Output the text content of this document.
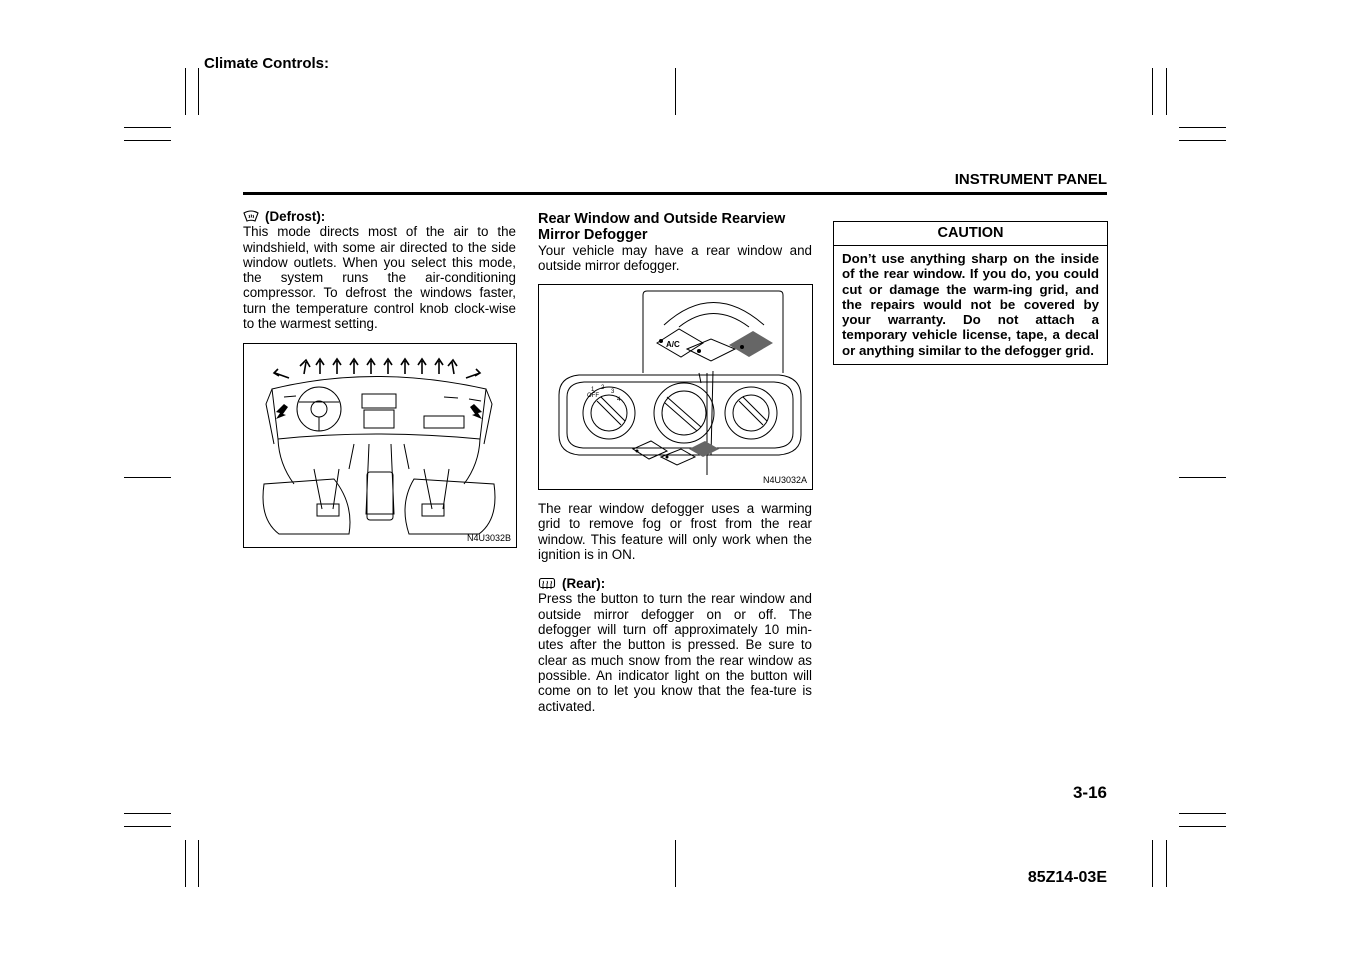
Climate Controls:
INSTRUMENT PANEL
(Defrost):

This mode directs most of the air to the windshield, with some air directed to the side window outlets. When you select this mode, the system runs the air-conditioning compressor. To defrost the windows faster, turn the temperature control knob clock-wise to the warmest setting.

N4U3032B
Rear Window and Outside Rearview Mirror Defogger

Your vehicle may have a rear window and outside mirror defogger.

OFF
1 2
3
4
A/C
N4U3032A

The rear window defogger uses a warming grid to remove fog or frost from the rear window. This feature will only work when the ignition is in ON.

(Rear):

Press the button to turn the rear window and outside mirror defogger on or off. The defogger will turn off approximately 10 min-utes after the button is pressed. Be sure to clear as much snow from the rear window as possible. An indicator light on the button will come on to let you know that the fea-ture is activated.

CAUTION
Don’t use anything sharp on the inside of the rear window. If you do, you could cut or damage the warm-ing grid, and the repairs would not be covered by your warranty. Do not attach a temporary vehicle license, tape, a decal or anything similar to the defogger grid.
3-16
85Z14-03E
